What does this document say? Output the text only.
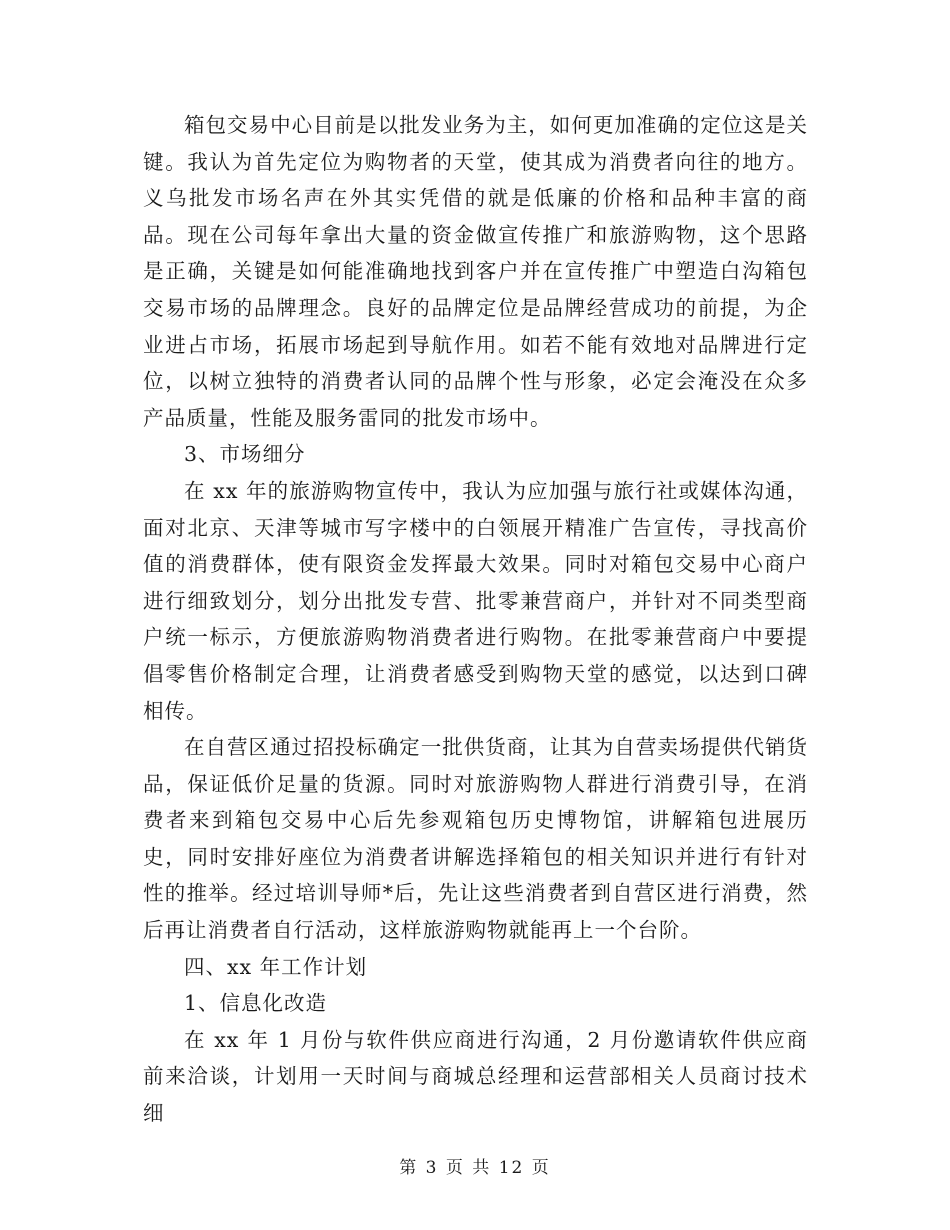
箱包交易中心目前是以批发业务为主，如何更加准确的定位这是关键。我认为首先定位为购物者的天堂，使其成为消费者向往的地方。义乌批发市场名声在外其实凭借的就是低廉的价格和品种丰富的商品。现在公司每年拿出大量的资金做宣传推广和旅游购物，这个思路是正确，关键是如何能准确地找到客户并在宣传推广中塑造白沟箱包交易市场的品牌理念。良好的品牌定位是品牌经营成功的前提，为企业进占市场，拓展市场起到导航作用。如若不能有效地对品牌进行定位，以树立独特的消费者认同的品牌个性与形象，必定会淹没在众多产品质量，性能及服务雷同的批发市场中。

3、市场细分

在 xx 年的旅游购物宣传中，我认为应加强与旅行社或媒体沟通，面对北京、天津等城市写字楼中的白领展开精准广告宣传，寻找高价值的消费群体，使有限资金发挥最大效果。同时对箱包交易中心商户进行细致划分，划分出批发专营、批零兼营商户，并针对不同类型商户统一标示，方便旅游购物消费者进行购物。在批零兼营商户中要提倡零售价格制定合理，让消费者感受到购物天堂的感觉，以达到口碑相传。

在自营区通过招投标确定一批供货商，让其为自营卖场提供代销货品，保证低价足量的货源。同时对旅游购物人群进行消费引导，在消费者来到箱包交易中心后先参观箱包历史博物馆，讲解箱包进展历史，同时安排好座位为消费者讲解选择箱包的相关知识并进行有针对性的推举。经过培训导师*后，先让这些消费者到自营区进行消费，然后再让消费者自行活动，这样旅游购物就能再上一个台阶。

四、xx 年工作计划

1、信息化改造

在 xx 年 1 月份与软件供应商进行沟通，2 月份邀请软件供应商前来洽谈，计划用一天时间与商城总经理和运营部相关人员商讨技术细

第 3 页 共 12 页
